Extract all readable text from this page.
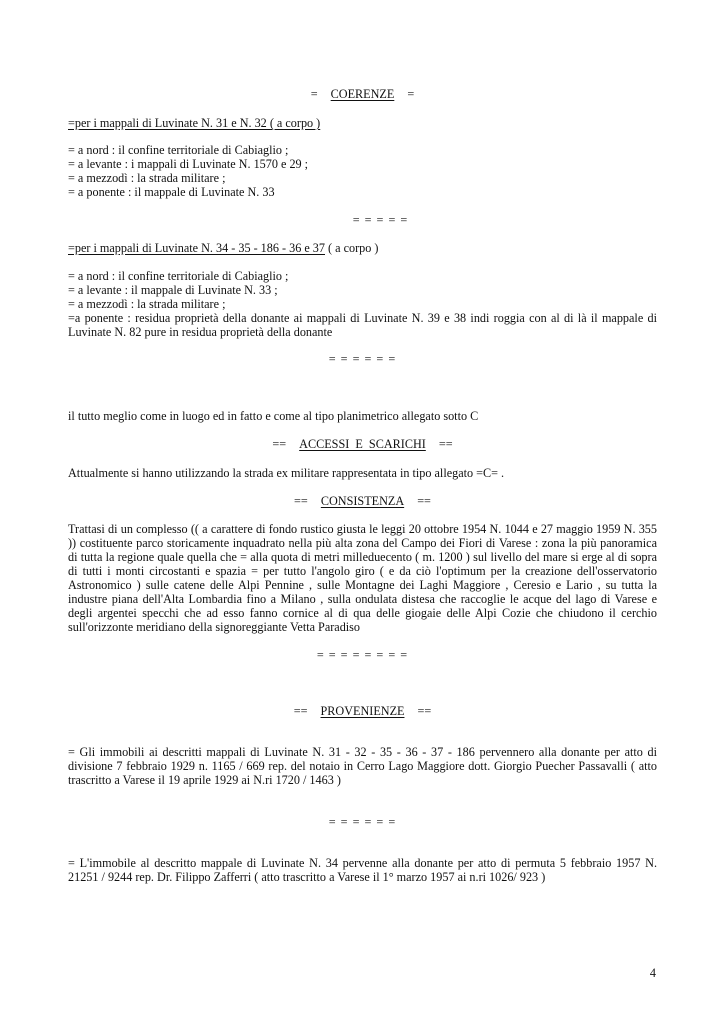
= COERENZE =
=per i mappali di Luvinate N. 31 e N. 32 ( a corpo )
= a nord : il confine territoriale di Cabiaglio ;
= a levante : i mappali di Luvinate N. 1570 e 29 ;
= a mezzodì : la strada militare ;
= a ponente : il mappale di Luvinate N. 33
= = = = =
=per i mappali di Luvinate N. 34 - 35 - 186 - 36 e 37 ( a corpo )
= a nord : il confine territoriale di Cabiaglio ;
= a levante : il mappale di Luvinate N. 33 ;
= a mezzodì : la strada militare ;
=a ponente : residua proprietà della donante ai mappali di Luvinate N. 39 e 38 indi roggia con al di là il mappale di Luvinate N. 82 pure in residua proprietà della donante
= = = = = =
il tutto meglio come in luogo ed in fatto e come al tipo planimetrico allegato sotto C
== ACCESSI  E  SCARICHI ==
Attualmente si hanno utilizzando la strada ex militare rappresentata in tipo allegato =C= .
== CONSISTENZA ==
Trattasi di un complesso (( a carattere di fondo rustico giusta le leggi 20 ottobre 1954 N. 1044 e 27 maggio 1959 N. 355 )) costituente parco storicamente inquadrato nella più alta zona del Campo dei Fiori di Varese : zona la più panoramica di tutta la regione quale quella che = alla quota di metri milleduecento ( m. 1200 ) sul livello del mare si erge al di sopra di tutti i monti circostanti e spazia = per tutto l'angolo giro ( e da ciò l'optimum per la creazione dell'osservatorio Astronomico ) sulle catene delle Alpi Pennine , sulle Montagne dei Laghi Maggiore , Ceresio e Lario , su tutta la industre piana dell'Alta Lombardia fino a Milano , sulla ondulata distesa che raccoglie le acque del lago di Varese e degli argentei specchi che ad esso fanno cornice al di qua delle giogaie delle Alpi Cozie che chiudono il cerchio sull'orizzonte meridiano della signoreggiante Vetta Paradiso
= = = = = = = =
== PROVENIENZE ==
= Gli immobili ai descritti mappali di Luvinate N. 31 - 32 - 35 - 36 - 37 - 186 pervennero alla donante per atto di divisione 7 febbraio 1929 n. 1165 / 669 rep. del notaio in Cerro Lago Maggiore dott. Giorgio Puecher Passavalli ( atto trascritto a Varese il 19 aprile 1929 ai N.ri 1720 / 1463 )
= = = = = =
= L'immobile al descritto mappale di Luvinate N. 34 pervenne alla donante per atto di permuta 5 febbraio 1957 N. 21251 / 9244 rep. Dr. Filippo Zafferri ( atto trascritto a Varese il 1° marzo 1957 ai n.ri 1026/ 923 )
4
